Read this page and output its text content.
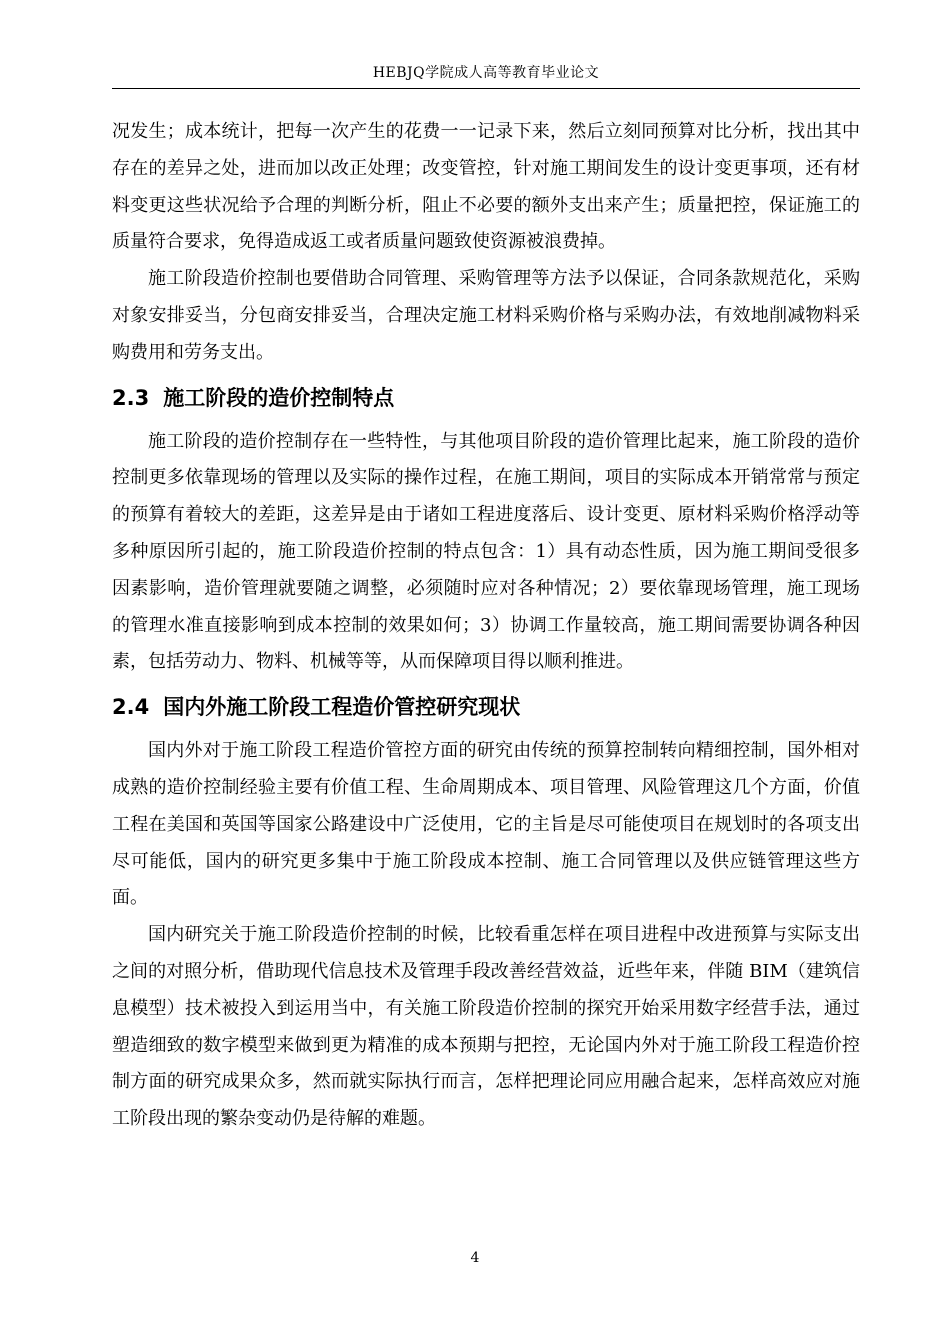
HEBJQ学院成人高等教育毕业论文

况发生；成本统计，把每一次产生的花费一一记录下来，然后立刻同预算对比分析，找出其中存在的差异之处，进而加以改正处理；改变管控，针对施工期间发生的设计变更事项，还有材料变更这些状况给予合理的判断分析，阻止不必要的额外支出来产生；质量把控，保证施工的质量符合要求，免得造成返工或者质量问题致使资源被浪费掉。

施工阶段造价控制也要借助合同管理、采购管理等方法予以保证，合同条款规范化，采购对象安排妥当，分包商安排妥当，合理决定施工材料采购价格与采购办法，有效地削减物料采购费用和劳务支出。

2.3 施工阶段的造价控制特点

施工阶段的造价控制存在一些特性，与其他项目阶段的造价管理比起来，施工阶段的造价控制更多依靠现场的管理以及实际的操作过程，在施工期间，项目的实际成本开销常常与预定的预算有着较大的差距，这差异是由于诸如工程进度落后、设计变更、原材料采购价格浮动等多种原因所引起的，施工阶段造价控制的特点包含：1）具有动态性质，因为施工期间受很多因素影响，造价管理就要随之调整，必须随时应对各种情况；2）要依靠现场管理，施工现场的管理水准直接影响到成本控制的效果如何；3）协调工作量较高，施工期间需要协调各种因素，包括劳动力、物料、机械等等，从而保障项目得以顺利推进。

2.4 国内外施工阶段工程造价管控研究现状

国内外对于施工阶段工程造价管控方面的研究由传统的预算控制转向精细控制，国外相对成熟的造价控制经验主要有价值工程、生命周期成本、项目管理、风险管理这几个方面，价值工程在美国和英国等国家公路建设中广泛使用，它的主旨是尽可能使项目在规划时的各项支出尽可能低，国内的研究更多集中于施工阶段成本控制、施工合同管理以及供应链管理这些方面。

国内研究关于施工阶段造价控制的时候，比较看重怎样在项目进程中改进预算与实际支出之间的对照分析，借助现代信息技术及管理手段改善经营效益，近些年来，伴随 BIM（建筑信息模型）技术被投入到运用当中，有关施工阶段造价控制的探究开始采用数字经营手法，通过塑造细致的数字模型来做到更为精准的成本预期与把控，无论国内外对于施工阶段工程造价控制方面的研究成果众多，然而就实际执行而言，怎样把理论同应用融合起来，怎样高效应对施工阶段出现的繁杂变动仍是待解的难题。

4
